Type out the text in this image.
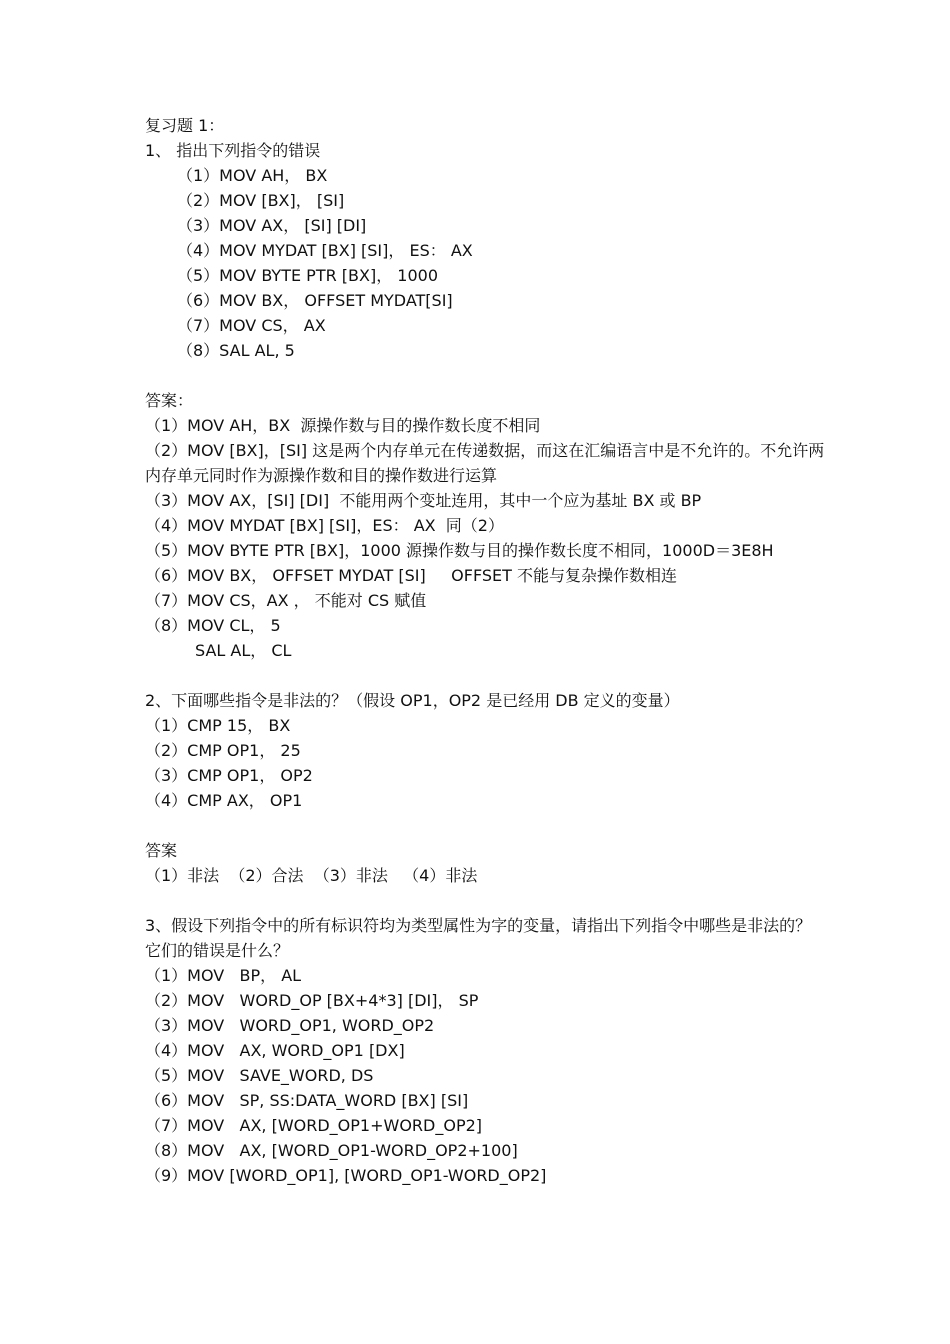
复习题 1：
1、 指出下列指令的错误
（1）MOV AH， BX
（2）MOV [BX]， [SI]
（3）MOV AX， [SI] [DI]
（4）MOV MYDAT [BX] [SI]， ES： AX
（5）MOV BYTE PTR [BX]， 1000
（6）MOV BX， OFFSET MYDAT[SI]
（7）MOV CS， AX
（8）SAL AL, 5
答案：
（1）MOV AH，BX  源操作数与目的操作数长度不相同
（2）MOV [BX]，[SI] 这是两个内存单元在传递数据，而这在汇编语言中是不允许的。不允许两内存单元同时作为源操作数和目的操作数进行运算
（3）MOV AX，[SI] [DI]  不能用两个变址连用，其中一个应为基址 BX 或 BP
（4）MOV MYDAT [BX] [SI]，ES： AX  同（2）
（5）MOV BYTE PTR [BX]，1000 源操作数与目的操作数长度不相同，1000D＝3E8H
（6）MOV BX， OFFSET MYDAT [SI]     OFFSET 不能与复杂操作数相连
（7）MOV CS，AX ， 不能对 CS 赋值
（8）MOV CL， 5
SAL AL， CL
2、下面哪些指令是非法的？（假设 OP1，OP2 是已经用 DB 定义的变量）
（1）CMP 15， BX
（2）CMP OP1， 25
（3）CMP OP1， OP2
（4）CMP AX， OP1
答案
（1）非法  （2）合法  （3）非法   （4）非法
3、假设下列指令中的所有标识符均为类型属性为字的变量，请指出下列指令中哪些是非法的？它们的错误是什么？
（1）MOV   BP， AL
（2）MOV   WORD_OP [BX+4*3] [DI]， SP
（3）MOV   WORD_OP1, WORD_OP2
（4）MOV   AX, WORD_OP1 [DX]
（5）MOV   SAVE_WORD, DS
（6）MOV   SP, SS:DATA_WORD [BX] [SI]
（7）MOV   AX, [WORD_OP1+WORD_OP2]
（8）MOV   AX, [WORD_OP1-WORD_OP2+100]
（9）MOV [WORD_OP1], [WORD_OP1-WORD_OP2]
